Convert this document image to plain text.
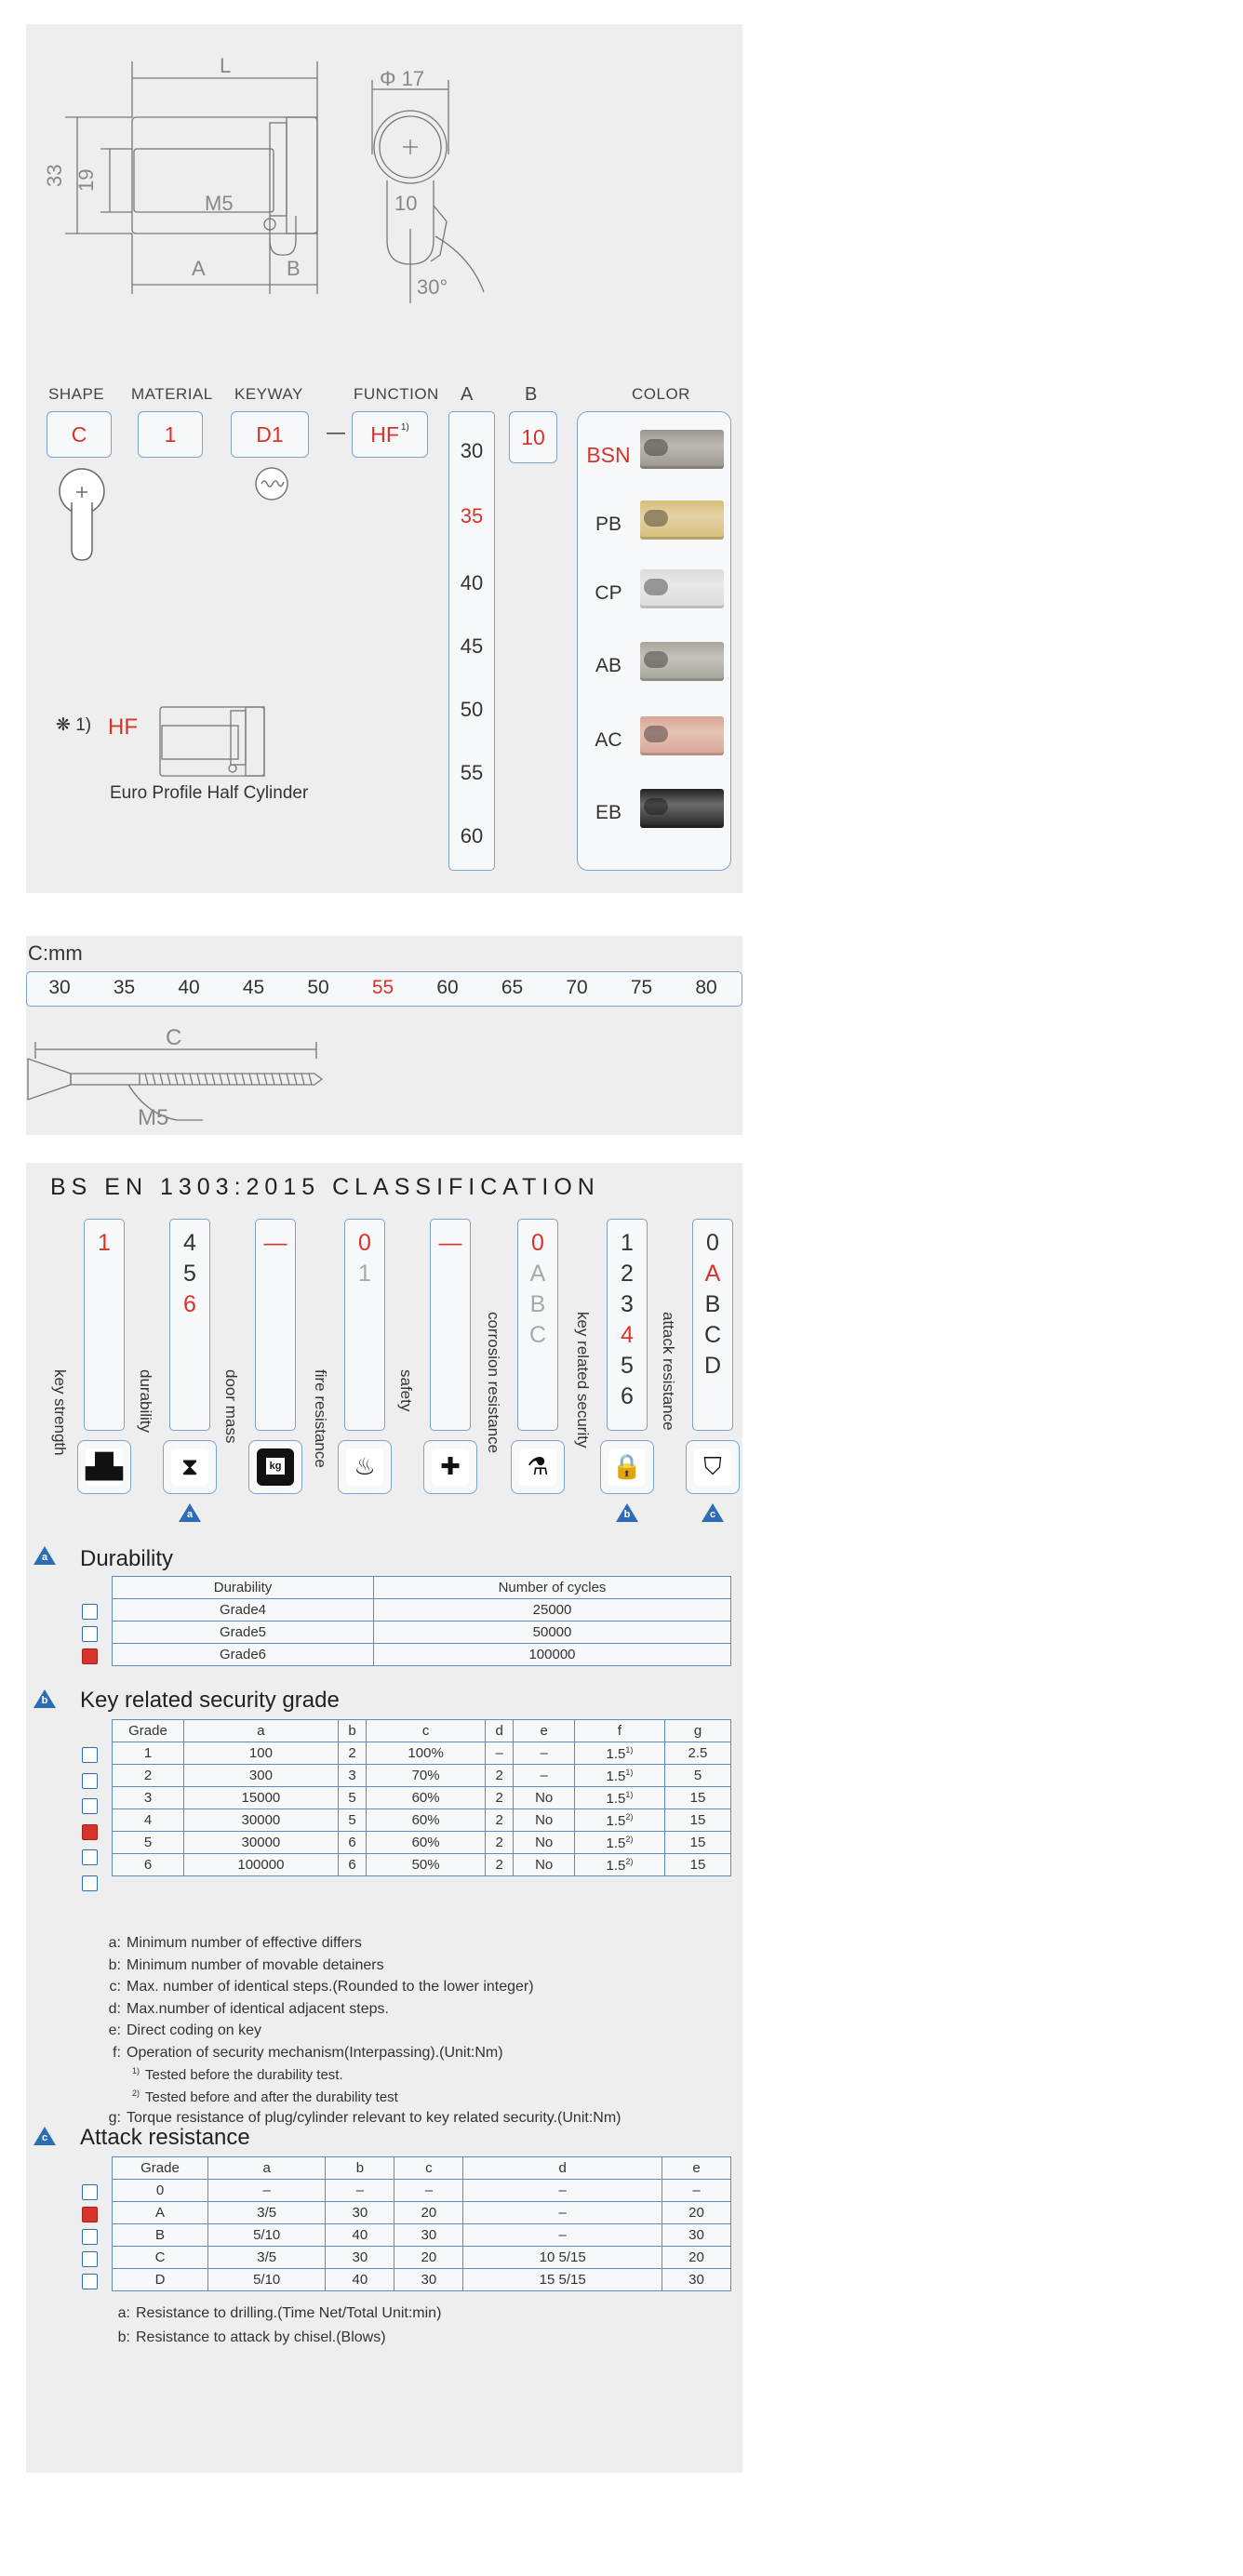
L
Φ 17
33 19
M5
A	B
10
30°
SHAPE MATERIAL KEYWAY	FUNCTION A	B	COLOR
C	1	D1 — HF$^{1)}$
30
35
40
45
50
55
60
10
BSN
PB
CP
AB
AC
EB
❋ 1) HF
Euro Profile Half Cylinder
C:mm
30	35	40	45	50	55	60	65	70	75	80
C
M5
BS EN 1303:2015 CLASSIFICATION
key strength
1
▟▙
durability
4
5
6
⧗
a
door mass
—
kg fire resistance
0
1
♨
safety
—
✚
corrosion resistance
0
A
B
C
⚗
key related security
1
2
3
4
5
6
🔒
b
attack resistance
0
A
B
C
D
⛉
c
a	Durability
Durability	Number of cycles
Grade4	25000
Grade5	50000
Grade6	100000
b	Key related security grade
Grade	a	b	c	d	e	f	g
1	100	2	100%	–	–	1.5$^{1)}$	2.5
2	300	3	70%	2	–	1.5$^{1)}$	5
3	15000	5	60%	2	No	1.5$^{1)}$	15
4	30000	5	60%	2	No	1.5$^{2)}$	15
5	30000	6	60%	2	No	1.5$^{2)}$	15
6	100000	6	50%	2	No	1.5$^{2)}$	15
a: Minimum number of effective differs
b: Minimum number of movable detainers
c: Max. number of identical steps.(Rounded to the lower integer)
d: Max.number of identical adjacent steps.
e: Direct coding on key
f: Operation of security mechanism(Interpassing).(Unit:Nm)
1) Tested before the durability test.
2) Tested before and after the durability test
g: Torque resistance of plug/cylinder relevant to key related security.(Unit:Nm)
c	Attack resistance
Grade	a	b	c	d	e
0	–	–	–	–	–
A	3/5	30	20	–	20
B	5/10	40	30	–	30
C	3/5	30	20	10 5/15	20
D	5/10	40	30	15 5/15	30
a: Resistance to drilling.(Time Net/Total Unit:min)
b: Resistance to attack by chisel.(Blows)
